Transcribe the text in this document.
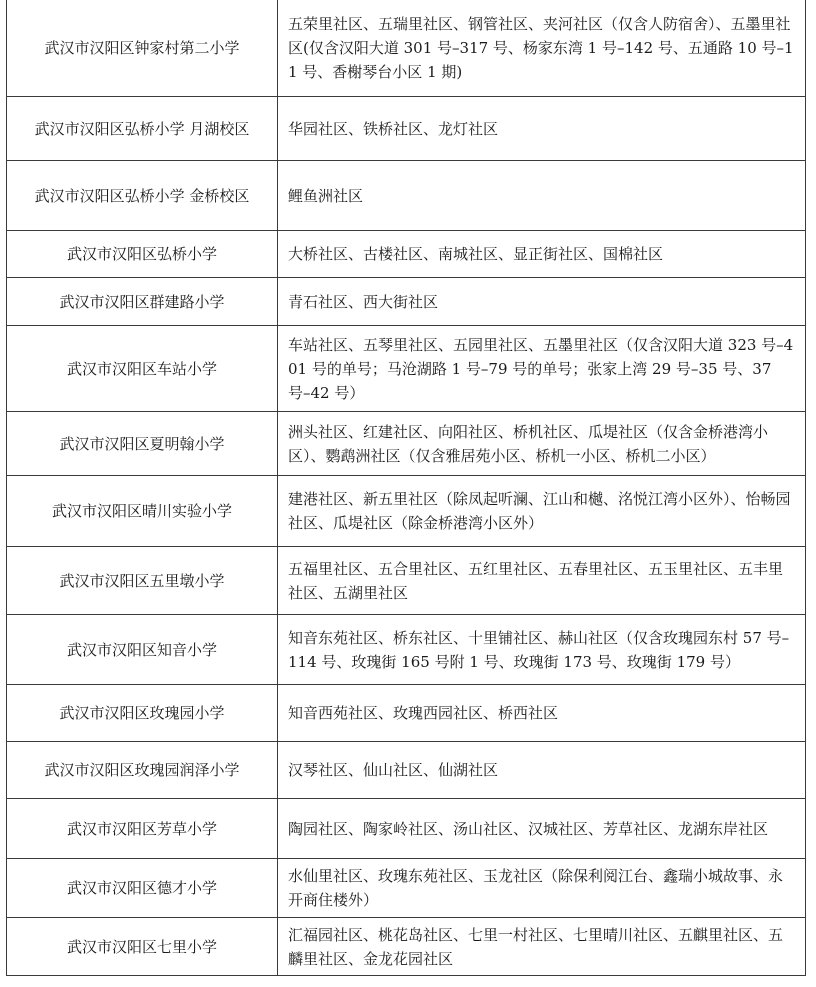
武汉市汉阳区钟家村第二小学	五荣里社区、五瑞里社区、钢管社区、夹河社区（仅含人防宿舍）、五墨里社区(仅含汉阳大道 301 号–317 号、杨家东湾 1 号–142 号、五通路 10 号–11 号、香榭琴台小区 1 期)
武汉市汉阳区弘桥小学 月湖校区	华园社区、铁桥社区、龙灯社区
武汉市汉阳区弘桥小学 金桥校区	鲤鱼洲社区
武汉市汉阳区弘桥小学	大桥社区、古楼社区、南城社区、显正街社区、国棉社区
武汉市汉阳区群建路小学	青石社区、西大街社区
武汉市汉阳区车站小学	车站社区、五琴里社区、五园里社区、五墨里社区（仅含汉阳大道 323 号–401 号的单号；马沧湖路 1 号–79 号的单号；张家上湾 29 号–35 号、37 号–42 号）
武汉市汉阳区夏明翰小学	洲头社区、红建社区、向阳社区、桥机社区、瓜堤社区（仅含金桥港湾小区）、鹦鹉洲社区（仅含雅居苑小区、桥机一小区、桥机二小区）
武汉市汉阳区晴川实验小学	建港社区、新五里社区（除凤起听澜、江山和樾、洺悦江湾小区外）、怡畅园社区、瓜堤社区（除金桥港湾小区外）
武汉市汉阳区五里墩小学	五福里社区、五合里社区、五红里社区、五春里社区、五玉里社区、五丰里社区、五湖里社区
武汉市汉阳区知音小学	知音东苑社区、桥东社区、十里铺社区、赫山社区（仅含玫瑰园东村 57 号–114 号、玫瑰街 165 号附 1 号、玫瑰街 173 号、玫瑰街 179 号）
武汉市汉阳区玫瑰园小学	知音西苑社区、玫瑰西园社区、桥西社区
武汉市汉阳区玫瑰园润泽小学	汉琴社区、仙山社区、仙湖社区
武汉市汉阳区芳草小学	陶园社区、陶家岭社区、汤山社区、汉城社区、芳草社区、龙湖东岸社区
武汉市汉阳区德才小学	水仙里社区、玫瑰东苑社区、玉龙社区（除保利阅江台、鑫瑞小城故事、永开商住楼外）
武汉市汉阳区七里小学	汇福园社区、桃花岛社区、七里一村社区、七里晴川社区、五麒里社区、五麟里社区、金龙花园社区
